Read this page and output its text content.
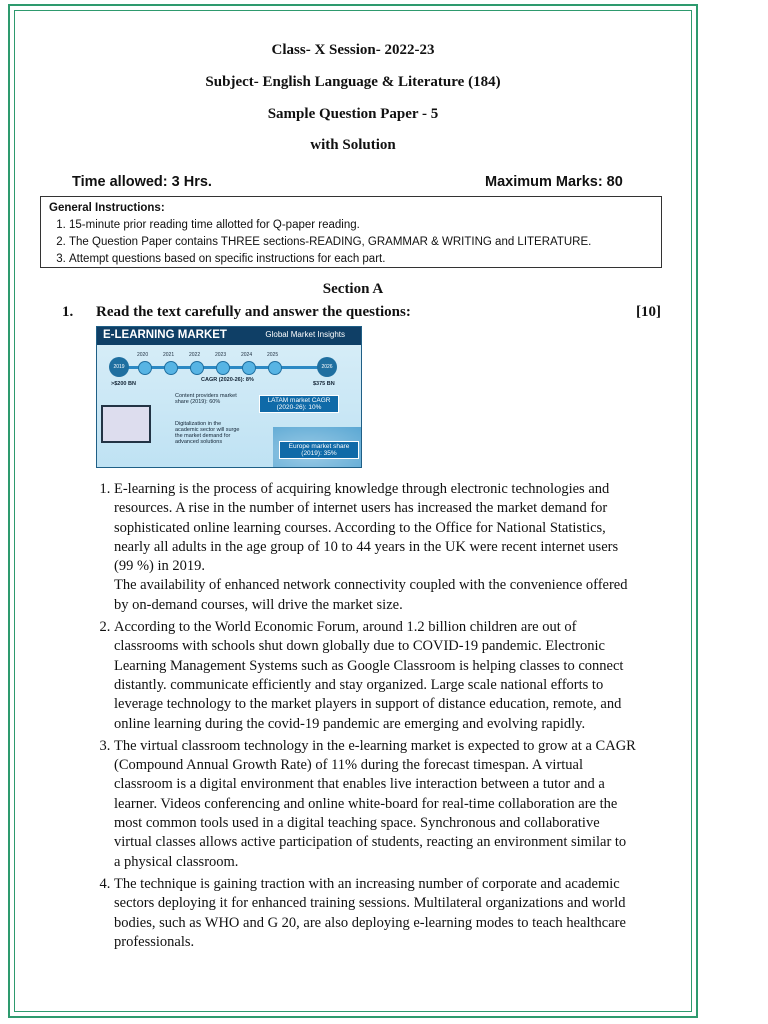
Class- X Session- 2022-23
Subject- English Language & Literature (184)
Sample Question Paper - 5
with Solution
Time allowed: 3 Hrs.	Maximum Marks: 80
General Instructions:
1. 15-minute prior reading time allotted for Q-paper reading.
2. The Question Paper contains THREE sections-READING, GRAMMAR & WRITING and LITERATURE.
3. Attempt questions based on specific instructions for each part.
Section A
1. Read the text carefully and answer the questions:	[10]
E-LEARNING MARKET	Global Market Insights
2019
2020	2021	2022	2023	2024	2025
2026
>$200 BN
CAGR (2020-26): 8%
$375 BN
Content providers market share (2019): 60%
Digitalization in the academic sector will surge the market demand for advanced solutions
LATAM market CAGR (2020-26): 10%
Europe market share (2019): 35%

1. E-learning is the process of acquiring knowledge through electronic technologies and resources. A rise in the number of internet users has increased the market demand for sophisticated online learning courses. According to the Office for National Statistics, nearly all adults in the age group of 10 to 44 years in the UK were recent internet users (99 %) in 2019.

The availability of enhanced network connectivity coupled with the convenience offered by on-demand courses, will drive the market size.

2. According to the World Economic Forum, around 1.2 billion children are out of classrooms with schools shut down globally due to COVID-19 pandemic. Electronic Learning Management Systems such as Google Classroom is helping classes to connect distantly. communicate efficiently and stay organized. Large scale national efforts to leverage technology to the market players in support of distance education, remote, and online learning during the covid-19 pandemic are emerging and evolving rapidly.
3. The virtual classroom technology in the e-learning market is expected to grow at a CAGR (Compound Annual Growth Rate) of 11% during the forecast timespan. A virtual classroom is a digital environment that enables live interaction between a tutor and a learner. Videos conferencing and online white-board for real-time collaboration are the most common tools used in a digital teaching space. Synchronous and collaborative virtual classes allows active participation of students, reacting an environment similar to a physical classroom.
4. The technique is gaining traction with an increasing number of corporate and academic sectors deploying it for enhanced training sessions. Multilateral organizations and world bodies, such as WHO and G 20, are also deploying e-learning modes to teach healthcare professionals.
